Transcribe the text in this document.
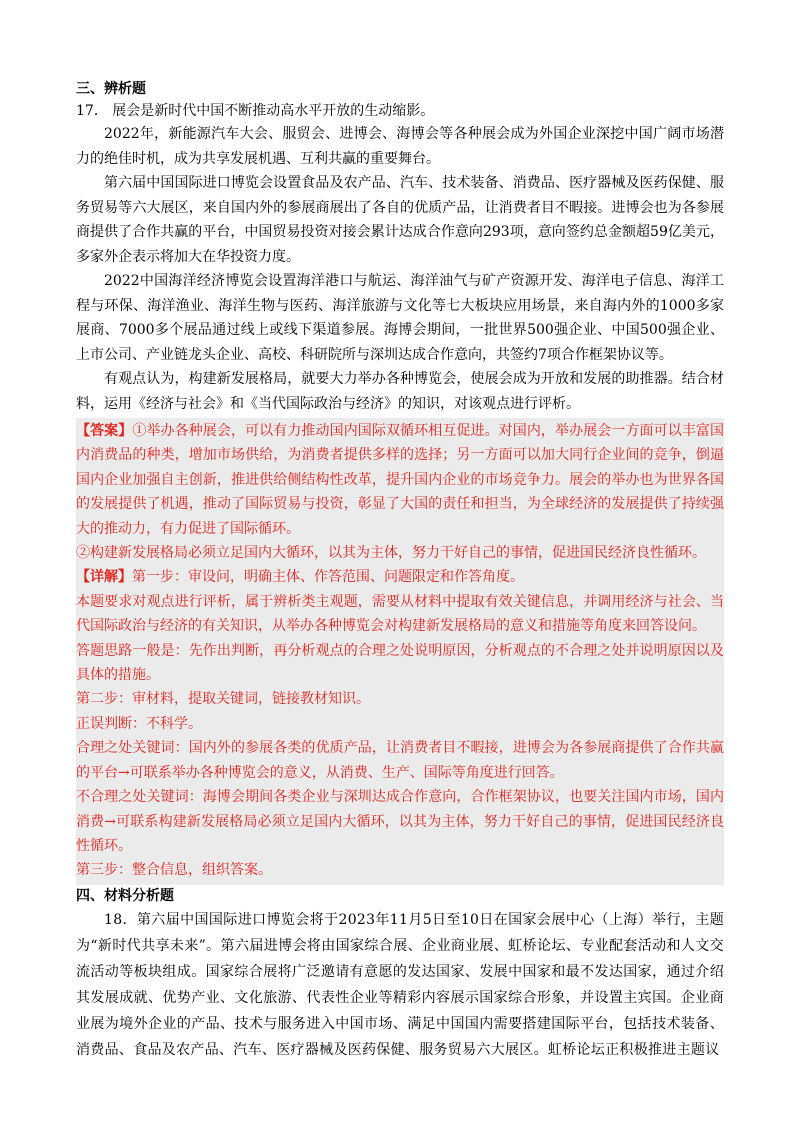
三、辨析题

17． 展会是新时代中国不断推动高水平开放的生动缩影。

2022年，新能源汽车大会、服贸会、进博会、海博会等各种展会成为外国企业深挖中国广阔市场潜力的绝佳时机，成为共享发展机遇、互利共赢的重要舞台。

第六届中国国际进口博览会设置食品及农产品、汽车、技术装备、消费品、医疗器械及医药保健、服务贸易等六大展区，来自国内外的参展商展出了各自的优质产品，让消费者目不暇接。进博会也为各参展商提供了合作共赢的平台，中国贸易投资对接会累计达成合作意向293项，意向签约总金额超59亿美元，多家外企表示将加大在华投资力度。

2022中国海洋经济博览会设置海洋港口与航运、海洋油气与矿产资源开发、海洋电子信息、海洋工程与环保、海洋渔业、海洋生物与医药、海洋旅游与文化等七大板块应用场景，来自海内外的1000多家展商、7000多个展品通过线上或线下渠道参展。海博会期间，一批世界500强企业、中国500强企业、上市公司、产业链龙头企业、高校、科研院所与深圳达成合作意向，共签约7项合作框架协议等。

有观点认为，构建新发展格局，就要大力举办各种博览会，使展会成为开放和发展的助推器。结合材料，运用《经济与社会》和《当代国际政治与经济》的知识，对该观点进行评析。

【答案】①举办各种展会，可以有力推动国内国际双循环相互促进。对国内，举办展会一方面可以丰富国内消费品的种类，增加市场供给，为消费者提供多样的选择；另一方面可以加大同行企业间的竞争，倒逼国内企业加强自主创新，推进供给侧结构性改革，提升国内企业的市场竞争力。展会的举办也为世界各国的发展提供了机遇，推动了国际贸易与投资，彰显了大国的责任和担当，为全球经济的发展提供了持续强大的推动力，有力促进了国际循环。

②构建新发展格局必须立足国内大循环，以其为主体，努力干好自己的事情，促进国民经济良性循环。

【详解】第一步：审设问，明确主体、作答范围、问题限定和作答角度。

本题要求对观点进行评析，属于辨析类主观题，需要从材料中提取有效关键信息，并调用经济与社会、当代国际政治与经济的有关知识，从举办各种博览会对构建新发展格局的意义和措施等角度来回答设问。

答题思路一般是：先作出判断，再分析观点的合理之处说明原因，分析观点的不合理之处并说明原因以及具体的措施。

第二步：审材料，提取关键词，链接教材知识。

正误判断：不科学。

合理之处关键词：国内外的参展各类的优质产品，让消费者目不暇接，进博会为各参展商提供了合作共赢的平台→可联系举办各种博览会的意义，从消费、生产、国际等角度进行回答。

不合理之处关键词：海博会期间各类企业与深圳达成合作意向，合作框架协议，也要关注国内市场，国内消费→可联系构建新发展格局必须立足国内大循环，以其为主体，努力干好自己的事情，促进国民经济良性循环。

第三步：整合信息，组织答案。

四、材料分析题

18．第六届中国国际进口博览会将于2023年11月5日至10日在国家会展中心（上海）举行，主题为“新时代共享未来”。第六届进博会将由国家综合展、企业商业展、虹桥论坛、专业配套活动和人文交流活动等板块组成。国家综合展将广泛邀请有意愿的发达国家、发展中国家和最不发达国家，通过介绍其发展成就、优势产业、文化旅游、代表性企业等精彩内容展示国家综合形象，并设置主宾国。企业商业展为境外企业的产品、技术与服务进入中国市场、满足中国国内需要搭建国际平台，包括技术装备、消费品、食品及农产品、汽车、医疗器械及医药保健、服务贸易六大展区。虹桥论坛正积极推进主题议
